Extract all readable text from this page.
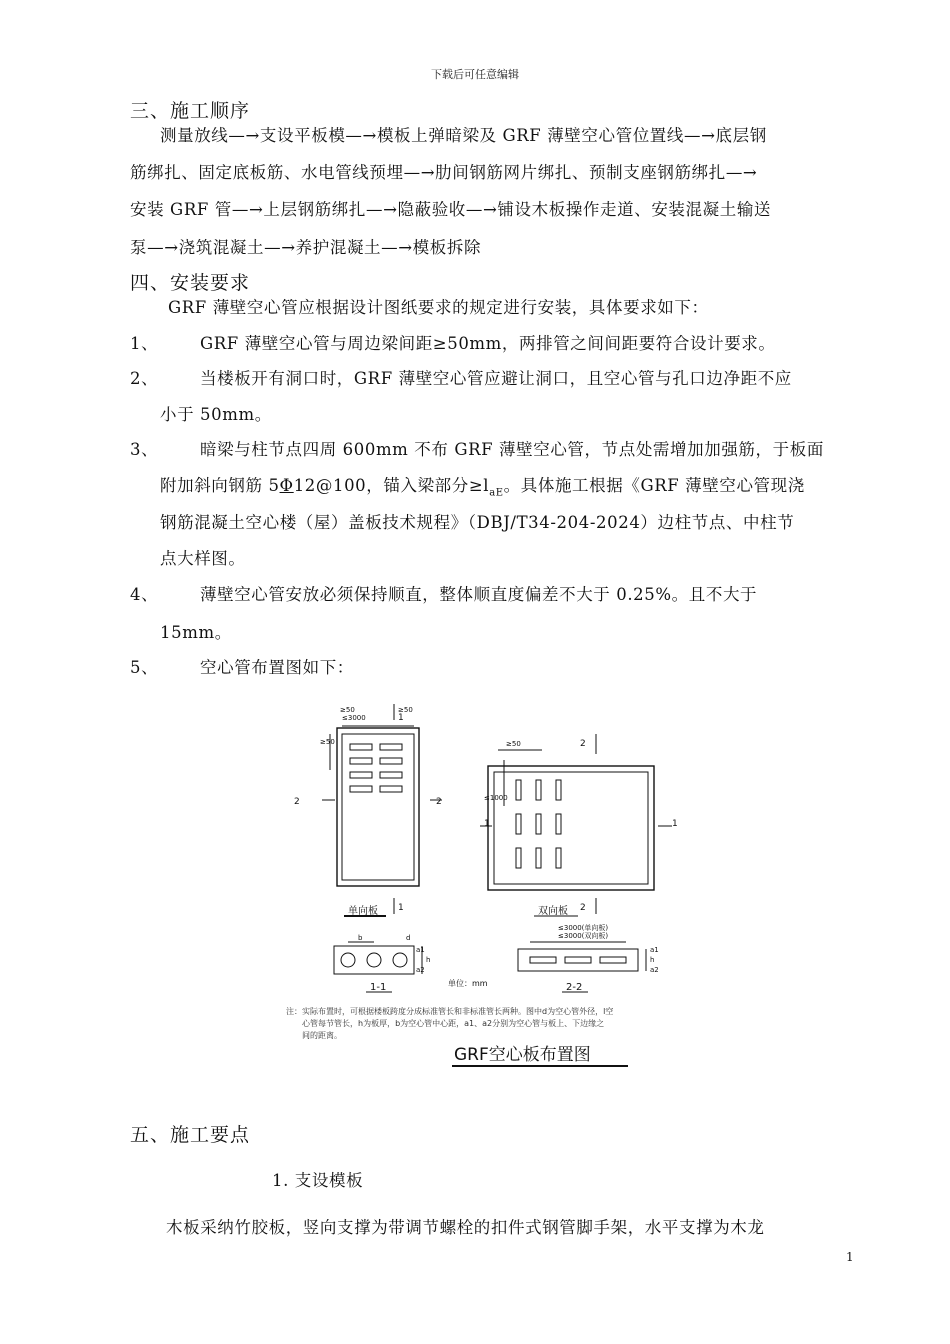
下载后可任意编辑
三、施工顺序
测量放线—→支设平板模—→模板上弹暗梁及 GRF 薄壁空心管位置线—→底层钢
筋绑扎、固定底板筋、水电管线预埋—→肋间钢筋网片绑扎、预制支座钢筋绑扎—→
安装 GRF 管—→上层钢筋绑扎—→隐蔽验收—→铺设木板操作走道、安装混凝土输送
泵—→浇筑混凝土—→养护混凝土—→模板拆除
四、安装要求
GRF 薄壁空心管应根据设计图纸要求的规定进行安装，具体要求如下：
1、	GRF 薄壁空心管与周边梁间距≥50mm，两排管之间间距要符合设计要求。
2、	当楼板开有洞口时，GRF 薄壁空心管应避让洞口，且空心管与孔口边净距不应
小于 50mm。
3、	暗梁与柱节点四周 600mm 不布 GRF 薄壁空心管，节点处需增加加强筋，于板面
附加斜向钢筋 5Φ12@100，锚入梁部分$\ge l_{aE}$。具体施工根据《GRF 薄壁空心管现浇
钢筋混凝土空心楼（屋）盖板技术规程》（DBJ/T34-204-2024）边柱节点、中柱节
点大样图。
4、	薄壁空心管安放必须保持顺直，整体顺直度偏差不大于 0.25%。且不大于
15mm。
5、	空心管布置图如下：
≤3000
≥50	≥50
1
1
≥50
2	2
≥50
≤1000
2
2
1	1
b	d
h
a1
a2
≤3000(单向板)
≤3000(双向板)
a1
h
a2
单向板	双向板
1-1	单位：mm	2-2
注：实际布置时，可根据楼板跨度分成标准管长和非标准管长两种。图中d为空心管外径，l空
心管每节管长，h为板厚，b为空心管中心距，a1、a2分别为空心管与板上、下边缘之
间的距离。
GRF空心板布置图
五、施工要点
1. 支设模板
木板采纳竹胶板，竖向支撑为带调节螺栓的扣件式钢管脚手架，水平支撑为木龙
1
